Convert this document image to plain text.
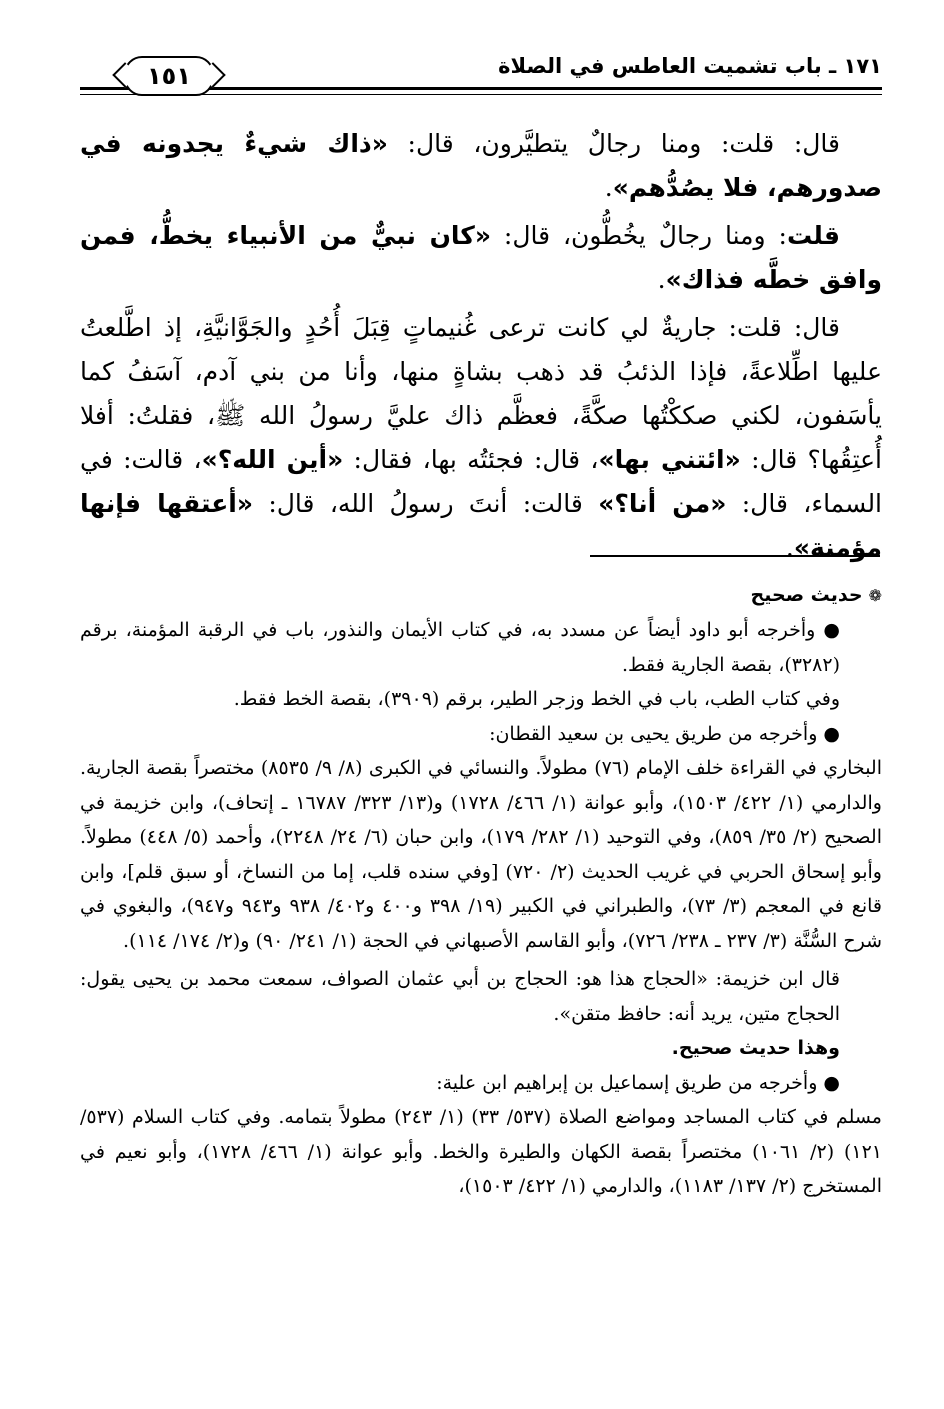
١٧١ ـ باب تشميت العاطس في الصلاة
١٥١

قال: قلت: ومنا رجالٌ يتطيَّرون، قال: «ذاك شيءٌ يجدونه في صدورهم، فلا يصُدُّهم».

قلت: ومنا رجالٌ يخُطُّون، قال: «كان نبيٌّ من الأنبياء يخطُّ، فمن وافق خطَّه فذاك».

قال: قلت: جاريةٌ لي كانت ترعى غُنيماتٍ قِبَلَ أُحُدٍ والجَوَّانيَّةِ، إذ اطَّلعتُ عليها اطِّلاعةً، فإذا الذئبُ قد ذهب بشاةٍ منها، وأنا من بني آدم، آسَفُ كما يأسَفون، لكني صككْتُها صكَّةً، فعظَّم ذاك عليَّ رسولُ الله ﷺ، فقلتُ: أفلا أُعتِقُها؟ قال: «ائتني بها»، قال: فجئتُه بها، فقال: «أين الله؟»، قالت: في السماء، قال: «من أنا؟» قالت: أنتَ رسولُ الله، قال: «أعتقها فإنها مؤمنة».

❁حديث صحيح

● وأخرجه أبو داود أيضاً عن مسدد به، في كتاب الأيمان والنذور، باب في الرقبة المؤمنة، برقم (٣٢٨٢)، بقصة الجارية فقط.

وفي كتاب الطب، باب في الخط وزجر الطير، برقم (٣٩٠٩)، بقصة الخط فقط.

● وأخرجه من طريق يحيى بن سعيد القطان:

البخاري في القراءة خلف الإمام (٧٦) مطولاً. والنسائي في الكبرى (٨/ ٩/ ٨٥٣٥) مختصراً بقصة الجارية. والدارمي (١/ ٤٢٢/ ١٥٠٣)، وأبو عوانة (١/ ٤٦٦/ ١٧٢٨) و(١٣/ ٣٢٣/ ١٦٧٨٧ ـ إتحاف)، وابن خزيمة في الصحيح (٢/ ٣٥/ ٨٥٩)، وفي التوحيد (١/ ٢٨٢/ ١٧٩)، وابن حبان (٦/ ٢٤/ ٢٢٤٨)، وأحمد (٥/ ٤٤٨) مطولاً. وأبو إسحاق الحربي في غريب الحديث (٢/ ٧٢٠) [وفي سنده قلب، إما من النساخ، أو سبق قلم]، وابن قانع في المعجم (٣/ ٧٣)، والطبراني في الكبير (١٩/ ٣٩٨ و٤٠٠ و٤٠٢/ ٩٣٨ و٩٤٣ و٩٤٧)، والبغوي في شرح السُّنَّة (٣/ ٢٣٧ ـ ٢٣٨/ ٧٢٦)، وأبو القاسم الأصبهاني في الحجة (١/ ٢٤١/ ٩٠) و(٢/ ١٧٤/ ١١٤).

قال ابن خزيمة: «الحجاج هذا هو: الحجاج بن أبي عثمان الصواف، سمعت محمد بن يحيى يقول: الحجاج متين، يريد أنه: حافظ متقن».

وهذا حديث صحيح.

● وأخرجه من طريق إسماعيل بن إبراهيم ابن علية:

مسلم في كتاب المساجد ومواضع الصلاة (٥٣٧/ ٣٣) (١/ ٢٤٣) مطولاً بتمامه. وفي كتاب السلام (٥٣٧/ ١٢١) (٢/ ١٠٦١) مختصراً بقصة الكهان والطيرة والخط. وأبو عوانة (١/ ٤٦٦/ ١٧٢٨)، وأبو نعيم في المستخرج (٢/ ١٣٧/ ١١٨٣)، والدارمي (١/ ٤٢٢/ ١٥٠٣)،
